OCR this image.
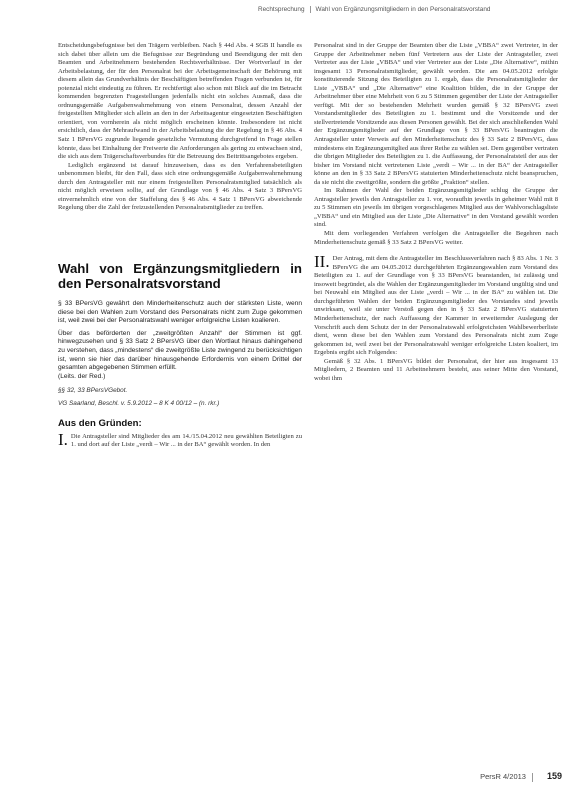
Rechtsprechung Wahl von Ergänzungsmitgliedern in den Personalratsvorstand

Entscheidungsbefugnisse bei den Trägern verbleiben. Nach § 44d Abs. 4 SGB II handle es sich dabei über allein um die Befugnisse zur Begründung und Beendigung der mit den Beamten und Arbeitnehmern bestehenden Rechtsverhältnisse. Der Wortverlauf in der Arbeitsbelastung, der für den Personalrat bei der Arbeitsgemeinschaft der Behörung mit diesem allein das Grundverhältnis der Beschäftigten betreffenden Fragen verbunden ist, für potenzial nicht eindeutig zu führen. Er rechtfertigt also schon mit Blick auf die im Betracht kommenden begrenzten Fragestellungen jedenfalls nicht ein solches Ausmaß, dass die ordnungsgemäße Aufgabenwahrnehmung von einem Personalrat, dessen Anzahl der freigestellten Mitglieder sich allein an den in der Arbeitsagentur eingesetzten Beschäftigten orientiert, von vornherein als nicht möglich erscheinen könnte. Insbesondere ist nicht ersichtlich, dass der Mehraufwand in der Arbeitsbelastung die der Regelung in § 46 Abs. 4 Satz 1 BPersVG zugrunde liegende gesetzliche Vermutung durchgreifend in Frage stellen könnte, dass bei Einhaltung der Freiwerte die Anforderungen als gering zu entwachsen sind, die sich aus dem Trägerschaftsverbundes für die Betreuung des Beitrittsangebotes ergeben.

Lediglich ergänzend ist darauf hinzuweisen, dass es den Verfahrensbeteiligten unbenommen bleibt, für den Fall, dass sich eine ordnungsgemäße Aufgabenwahrnehmung durch den Antragsteller mit nur einem freigestellten Personalratsmitglied tatsächlich als nicht möglich erweisen sollte, auf der Grundlage von § 46 Abs. 4 Satz 3 BPersVG einvernehmlich eine von der Staffelung des § 46 Abs. 4 Satz 1 BPersVG abweichende Regelung über die Zahl der freizustellenden Personalratsmitglieder zu treffen.

Wahl von Ergänzungsmitgliedern in den Personalratsvorstand

§ 33 BPersVG gewährt den Minderheitenschutz auch der stärksten Liste, wenn diese bei den Wahlen zum Vorstand des Personalrats nicht zum Zuge gekommen ist, weil zwei bei der Personalratswahl weniger erfolgreiche Listen koalieren.

Über das beförderten der „zweitgrößten Anzahl“ der Stimmen ist ggf. hinwegzusehen und § 33 Satz 2 BPersVG über den Wortlaut hinaus dahingehend zu verstehen, dass „mindestens“ die zweitgrößte Liste zwingend zu berücksichtigen ist, wenn sie hier das darüber hinausgehende Erfordernis von einem Drittel der gesamten abgegebenen Stimmen erfüllt.

(Leits. der Red.)

§§ 32, 33 BPersVGebot.
VG Saarland, Beschl. v. 5.9.2012 – 8 K 4 00/12 – (n. rkr.)
Aus den Gründen:

I. Die Antragsteller sind Mitglieder des am 14./15.04.2012 neu gewählten Beteiligten zu 1. und dort auf der Liste „verdi – Wir ... in der BA“ gewählt worden. In den

Personalrat sind in der Gruppe der Beamten über die Liste „VBBA“ zwei Vertreter, in der Gruppe der Arbeitnehmer neben fünf Vertretern aus der Liste der Antragsteller, zwei Vertreter aus der Liste „VBBA“ und vier Vertreter aus der Liste „Die Alternative“, mithin insgesamt 13 Personalratsmitglieder, gewählt worden. Die am 04.05.2012 erfolgte konstituierende Sitzung des Beteiligten zu 1. ergab, dass die Personalratsmitglieder der Liste „VBBA“ und „Die Alternative“ eine Koalition bilden, die in der Gruppe der Arbeitnehmer über eine Mehrheit von 6 zu 5 Stimmen gegenüber der Liste der Antragsteller verfügt. Mit der so bestehenden Mehrheit wurden gemäß § 32 BPersVG zwei Vorstandsmitglieder des Beteiligten zu 1. bestimmt und die Vorsitzende und der stellvertretende Vorsitzende aus diesen Personen gewählt. Bei der sich anschließenden Wahl der Ergänzungsmitglieder auf der Grundlage von § 33 BPersVG beantragten die Antragsteller unter Verweis auf den Minderheitenschutz des § 33 Satz 2 BPersVG, dass mindestens ein Ergänzungsmitglied aus ihrer Reihe zu wählen sei. Dem gegenüber vertraten die übrigen Mitglieder des Beteiligten zu 1. die Auffassung, der Personalratsteil der aus der bisher im Vorstand nicht vertretenen Liste „verdi – Wir ... in der BA“ der Antragsteller könne an den in § 33 Satz 2 BPersVG statuierten Minderheitenschutz nicht beanspruchen, da sie nicht die zweitgrößte, sondern die größte „Fraktion“ stellen.

Im Rahmen der Wahl der beiden Ergänzungsmitglieder schlug die Gruppe der Antragsteller jeweils den Antragsteller zu 1. vor, woraufhin jeweils in geheimer Wahl mit 8 zu 5 Stimmen ein jeweils im übrigen vorgeschlagenes Mitglied aus der Wahlvorschlagsliste „VBBA“ und ein Mitglied aus der Liste „Die Alternative“ in den Vorstand gewählt worden sind.

Mit dem vorliegenden Verfahren verfolgen die Antragsteller die Begehren nach Minderheitenschutz gemäß § 33 Satz 2 BPersVG weiter.

II. Der Antrag, mit dem die Antragsteller im Beschlussverfahren nach § 83 Abs. 1 Nr. 3 BPersVG die am 04.05.2012 durchgeführten Ergänzungswahlen zum Vorstand des Beteiligten zu 1. auf der Grundlage von § 33 BPersVG beanstanden, ist zulässig und insoweit begründet, als die Wahlen der Ergänzungsmitglieder im Vorstand ungültig sind und bei Neuwahl ein Mitglied aus der Liste „verdi – Wir ... in der BA“ zu wählen ist. Die durchgeführten Wahlen der beiden Ergänzungsmitglieder des Vorstandes sind jeweils unwirksam, weil sie unter Verstoß gegen den in § 33 Satz 2 BPersVG statuierten Minderheitenschutz, der nach Auffassung der Kammer in erweiternder Auslegung der Vorschrift auch dem Schutz der in der Personalratswahl erfolgreichsten Wahlbewerberliste dient, wenn diese bei den Wahlen zum Vorstand des Personalrats nicht zum Zuge gekommen ist, weil zwei bei der Personalratswahl weniger erfolgreiche Listen koaliert, im Ergebnis ergibt sich Folgendes:

Gemäß § 32 Abs. 1 BPersVG bildet der Personalrat, der hier aus insgesamt 13 Mitgliedern, 2 Beamten und 11 Arbeitnehmern besteht, aus seiner Mitte den Vorstand, wobei ihm

PersR 4/2013 159
